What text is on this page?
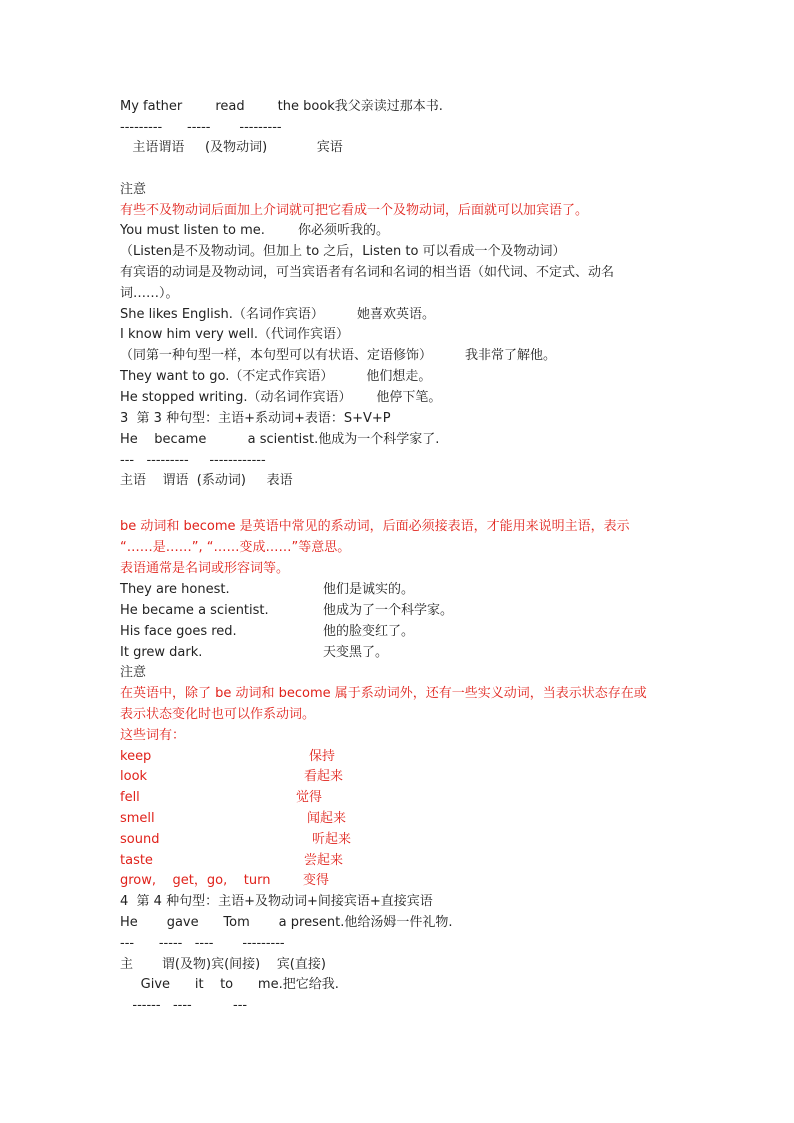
My father        read        the book我父亲读过那本书.
---------      -----       ---------
主语谓语     (及物动词)            宾语
注意
有些不及物动词后面加上介词就可把它看成一个及物动词，后面就可以加宾语了。
You must listen to me.        你必须听我的。
（Listen是不及物动词。但加上 to 之后，Listen to 可以看成一个及物动词）
有宾语的动词是及物动词，可当宾语者有名词和名词的相当语（如代词、不定式、动名
词……）。
She likes English.（名词作宾语）        她喜欢英语。
I know him very well.（代词作宾语）
（同第一种句型一样，本句型可以有状语、定语修饰）        我非常了解他。
They want to go.（不定式作宾语）        他们想走。
He stopped writing.（动名词作宾语）      他停下笔。
3  第 3 种句型：主语+系动词+表语：S+V+P
He    became          a scientist.他成为一个科学家了.
---   ---------     ------------
主语    谓语  (系动词)     表语
be 动词和 become 是英语中常见的系动词，后面必须接表语，才能用来说明主语，表示
“……是……”, “……变成……”等意思。
表语通常是名词或形容词等。
They are honest.	他们是诚实的。
He became a scientist.	他成为了一个科学家。
His face goes red.	他的脸变红了。
It grew dark.	天变黑了。
注意
在英语中，除了 be 动词和 become 属于系动词外，还有一些实义动词，当表示状态存在或
表示状态变化时也可以作系动词。
这些词有：
keep	保持
look	看起来
fell	觉得
smell	闻起来
sound	听起来
taste	尝起来
grow,    get，go,    turn	变得
4  第 4 种句型：主语+及物动词+间接宾语+直接宾语
He       gave      Tom       a present.他给汤姆一件礼物.
---      -----   ----       ---------
主       谓(及物)宾(间接)    宾(直接)
Give      it    to      me.把它给我.
------   ----          ---
